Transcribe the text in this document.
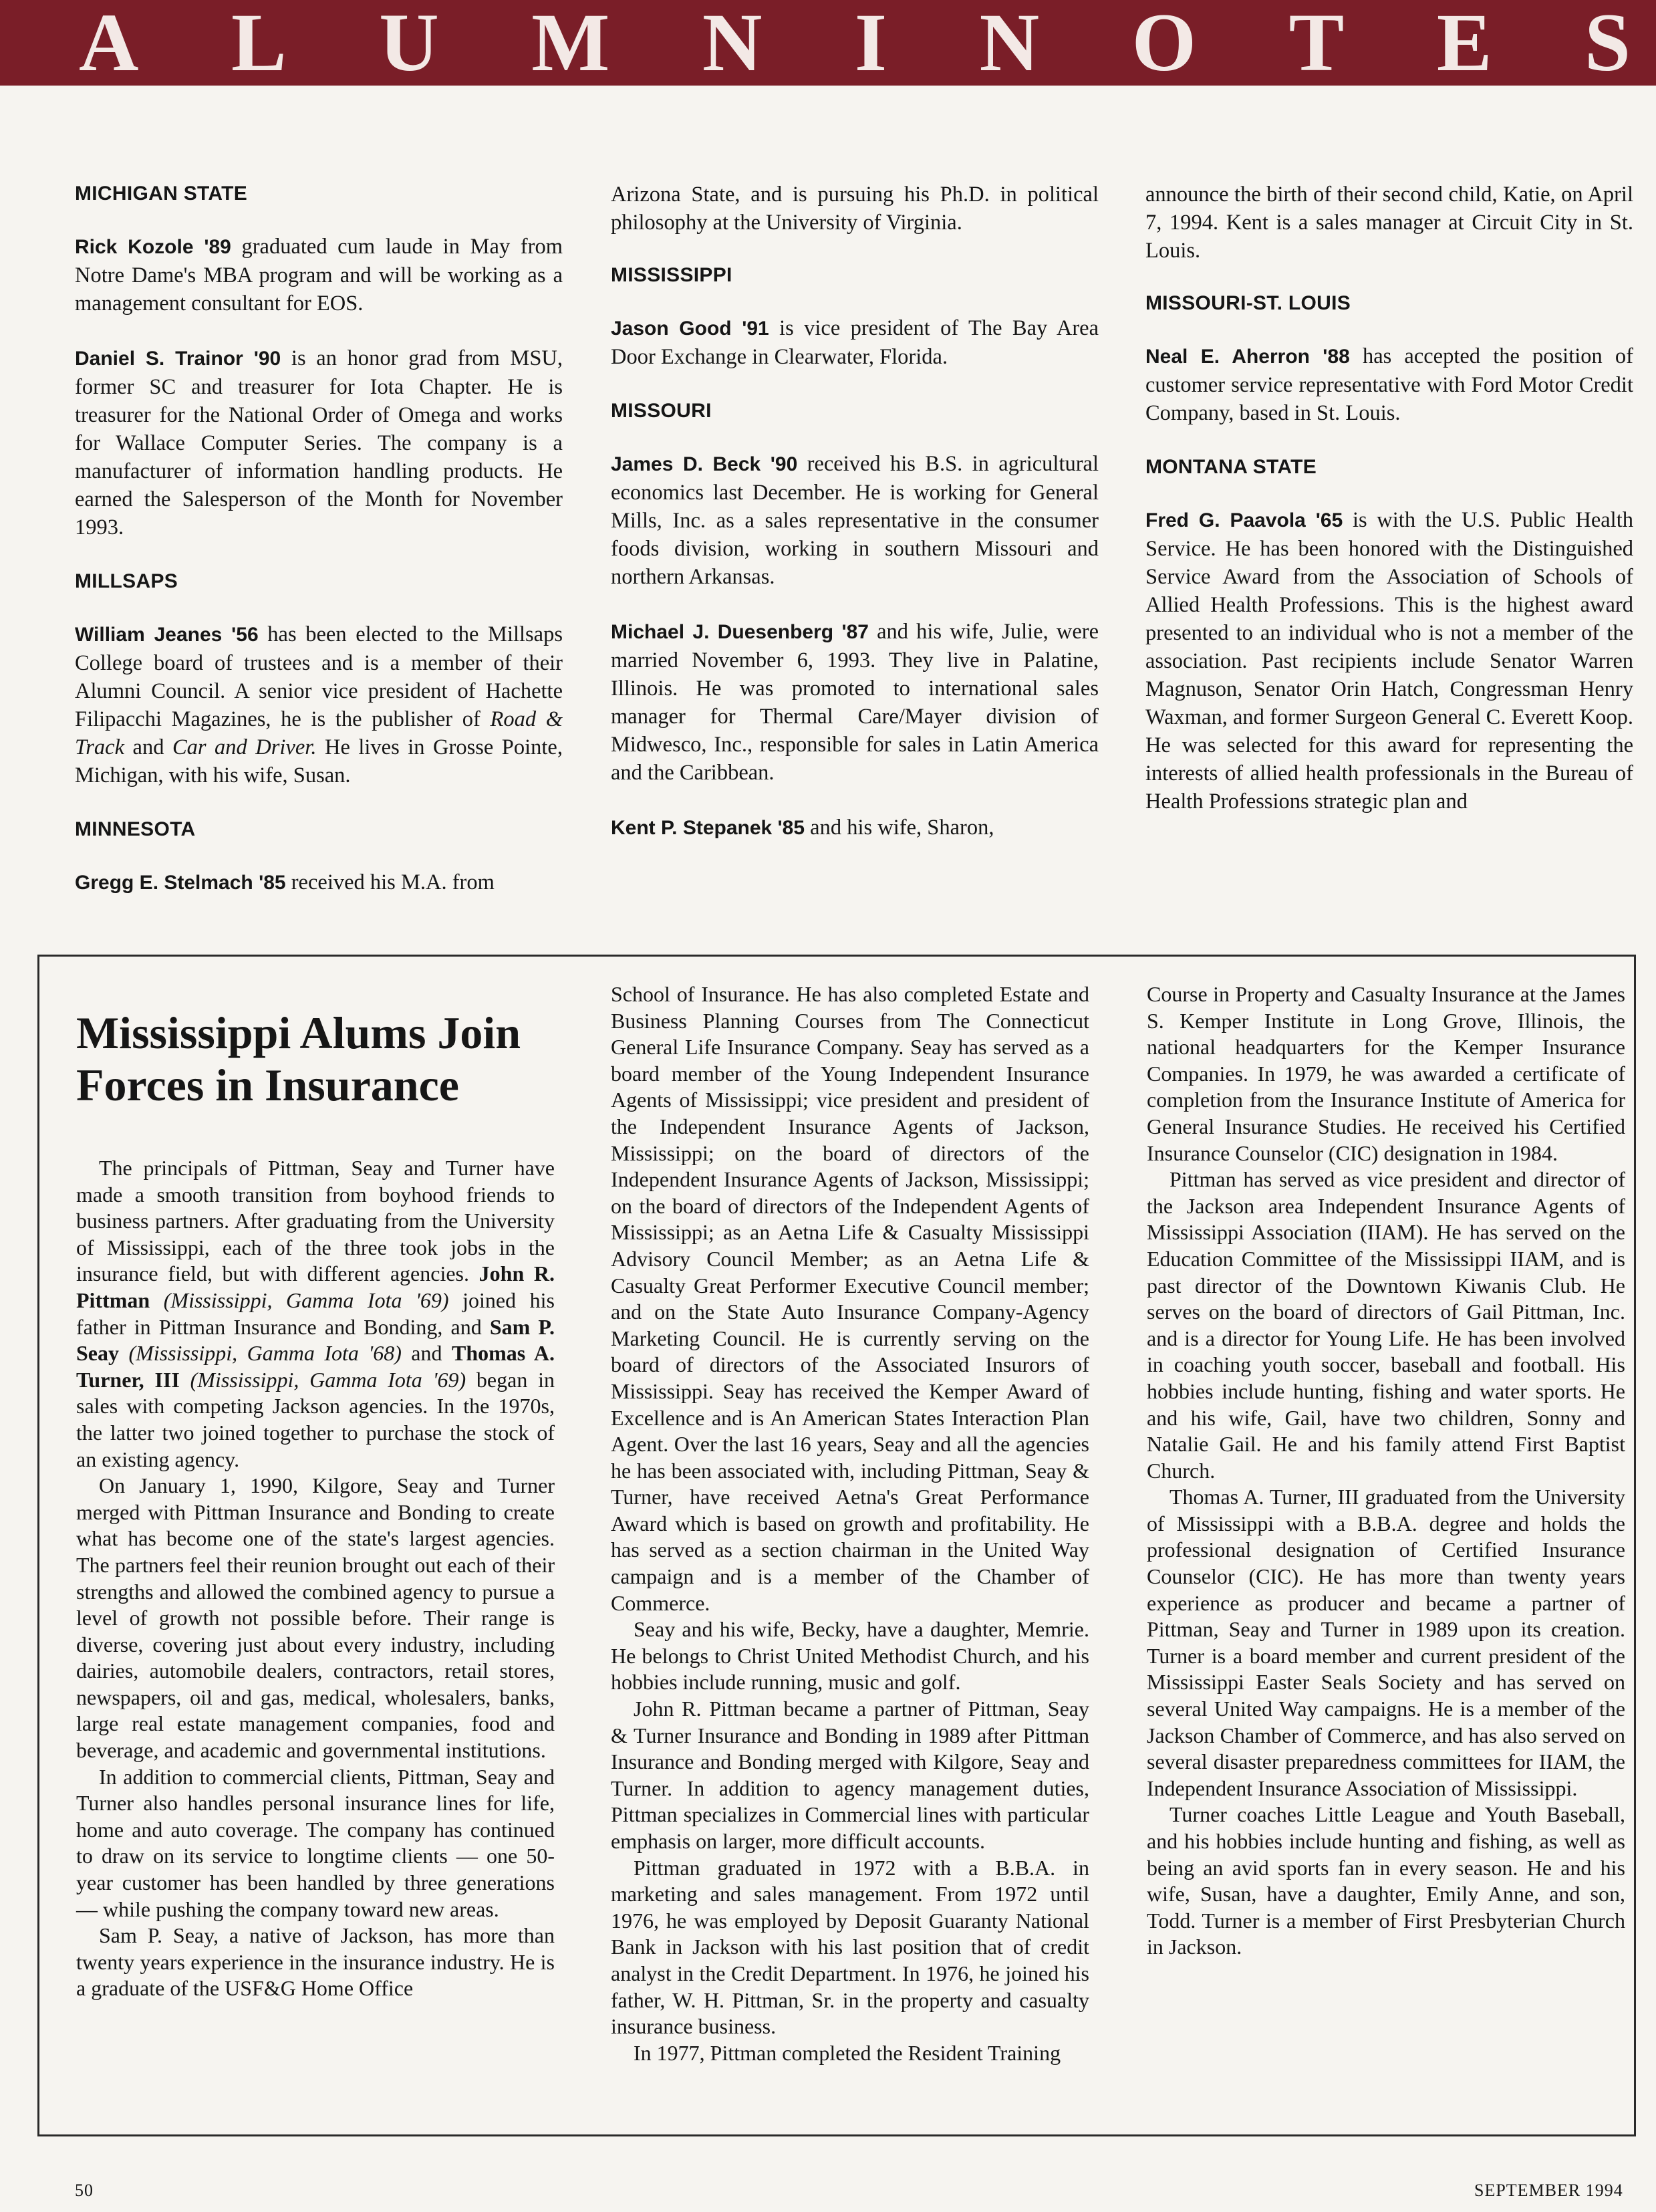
A L U M N I N O T E S
MICHIGAN STATE

Rick Kozole '89 graduated cum laude in May from Notre Dame's MBA program and will be working as a management consultant for EOS.

Daniel S. Trainor '90 is an honor grad from MSU, former SC and treasurer for Iota Chapter. He is treasurer for the National Order of Omega and works for Wallace Computer Series. The company is a manufacturer of information handling products. He earned the Salesperson of the Month for November 1993.

MILLSAPS

William Jeanes '56 has been elected to the Millsaps College board of trustees and is a member of their Alumni Council. A senior vice president of Hachette Filipacchi Magazines, he is the publisher of Road & Track and Car and Driver. He lives in Grosse Pointe, Michigan, with his wife, Susan.

MINNESOTA

Gregg E. Stelmach '85 received his M.A. from

Arizona State, and is pursuing his Ph.D. in political philosophy at the University of Virginia.

MISSISSIPPI

Jason Good '91 is vice president of The Bay Area Door Exchange in Clearwater, Florida.

MISSOURI

James D. Beck '90 received his B.S. in agricultural economics last December. He is working for General Mills, Inc. as a sales representative in the consumer foods division, working in southern Missouri and northern Arkansas.

Michael J. Duesenberg '87 and his wife, Julie, were married November 6, 1993. They live in Palatine, Illinois. He was promoted to international sales manager for Thermal Care/Mayer division of Midwesco, Inc., responsible for sales in Latin America and the Caribbean.

Kent P. Stepanek '85 and his wife, Sharon,

announce the birth of their second child, Katie, on April 7, 1994. Kent is a sales manager at Circuit City in St. Louis.

MISSOURI-ST. LOUIS

Neal E. Aherron '88 has accepted the position of customer service representative with Ford Motor Credit Company, based in St. Louis.

MONTANA STATE

Fred G. Paavola '65 is with the U.S. Public Health Service. He has been honored with the Distinguished Service Award from the Association of Schools of Allied Health Professions. This is the highest award presented to an individual who is not a member of the association. Past recipients include Senator Warren Magnuson, Senator Orin Hatch, Congressman Henry Waxman, and former Surgeon General C. Everett Koop. He was selected for this award for representing the interests of allied health professionals in the Bureau of Health Professions strategic plan and

Mississippi Alums Join Forces in Insurance

The principals of Pittman, Seay and Turner have made a smooth transition from boyhood friends to business partners. After graduating from the University of Mississippi, each of the three took jobs in the insurance field, but with different agencies. John R. Pittman (Mississippi, Gamma Iota '69) joined his father in Pittman Insurance and Bonding, and Sam P. Seay (Mississippi, Gamma Iota '68) and Thomas A. Turner, III (Mississippi, Gamma Iota '69) began in sales with competing Jackson agencies. In the 1970s, the latter two joined together to purchase the stock of an existing agency.

On January 1, 1990, Kilgore, Seay and Turner merged with Pittman Insurance and Bonding to create what has become one of the state's largest agencies. The partners feel their reunion brought out each of their strengths and allowed the combined agency to pursue a level of growth not possible before. Their range is diverse, covering just about every industry, including dairies, automobile dealers, contractors, retail stores, newspapers, oil and gas, medical, wholesalers, banks, large real estate management companies, food and beverage, and academic and governmental institutions.

In addition to commercial clients, Pittman, Seay and Turner also handles personal insurance lines for life, home and auto coverage. The company has continued to draw on its service to longtime clients — one 50-year customer has been handled by three generations — while pushing the company toward new areas.

Sam P. Seay, a native of Jackson, has more than twenty years experience in the insurance industry. He is a graduate of the USF&G Home Office

School of Insurance. He has also completed Estate and Business Planning Courses from The Connecticut General Life Insurance Company. Seay has served as a board member of the Young Independent Insurance Agents of Mississippi; vice president and president of the Independent Insurance Agents of Jackson, Mississippi; on the board of directors of the Independent Insurance Agents of Jackson, Mississippi; on the board of directors of the Independent Agents of Mississippi; as an Aetna Life & Casualty Mississippi Advisory Council Member; as an Aetna Life & Casualty Great Performer Executive Council member; and on the State Auto Insurance Company-Agency Marketing Council. He is currently serving on the board of directors of the Associated Insurors of Mississippi. Seay has received the Kemper Award of Excellence and is An American States Interaction Plan Agent. Over the last 16 years, Seay and all the agencies he has been associated with, including Pittman, Seay & Turner, have received Aetna's Great Performance Award which is based on growth and profitability. He has served as a section chairman in the United Way campaign and is a member of the Chamber of Commerce.

Seay and his wife, Becky, have a daughter, Memrie. He belongs to Christ United Methodist Church, and his hobbies include running, music and golf.

John R. Pittman became a partner of Pittman, Seay & Turner Insurance and Bonding in 1989 after Pittman Insurance and Bonding merged with Kilgore, Seay and Turner. In addition to agency management duties, Pittman specializes in Commercial lines with particular emphasis on larger, more difficult accounts.

Pittman graduated in 1972 with a B.B.A. in marketing and sales management. From 1972 until 1976, he was employed by Deposit Guaranty National Bank in Jackson with his last position that of credit analyst in the Credit Department. In 1976, he joined his father, W. H. Pittman, Sr. in the property and casualty insurance business.

In 1977, Pittman completed the Resident Training

Course in Property and Casualty Insurance at the James S. Kemper Institute in Long Grove, Illinois, the national headquarters for the Kemper Insurance Companies. In 1979, he was awarded a certificate of completion from the Insurance Institute of America for General Insurance Studies. He received his Certified Insurance Counselor (CIC) designation in 1984.

Pittman has served as vice president and director of the Jackson area Independent Insurance Agents of Mississippi Association (IIAM). He has served on the Education Committee of the Mississippi IIAM, and is past director of the Downtown Kiwanis Club. He serves on the board of directors of Gail Pittman, Inc. and is a director for Young Life. He has been involved in coaching youth soccer, baseball and football. His hobbies include hunting, fishing and water sports. He and his wife, Gail, have two children, Sonny and Natalie Gail. He and his family attend First Baptist Church.

Thomas A. Turner, III graduated from the University of Mississippi with a B.B.A. degree and holds the professional designation of Certified Insurance Counselor (CIC). He has more than twenty years experience as producer and became a partner of Pittman, Seay and Turner in 1989 upon its creation. Turner is a board member and current president of the Mississippi Easter Seals Society and has served on several United Way campaigns. He is a member of the Jackson Chamber of Commerce, and has also served on several disaster preparedness committees for IIAM, the Independent Insurance Association of Mississippi.

Turner coaches Little League and Youth Baseball, and his hobbies include hunting and fishing, as well as being an avid sports fan in every season. He and his wife, Susan, have a daughter, Emily Anne, and son, Todd. Turner is a member of First Presbyterian Church in Jackson.

50	SEPTEMBER 1994
